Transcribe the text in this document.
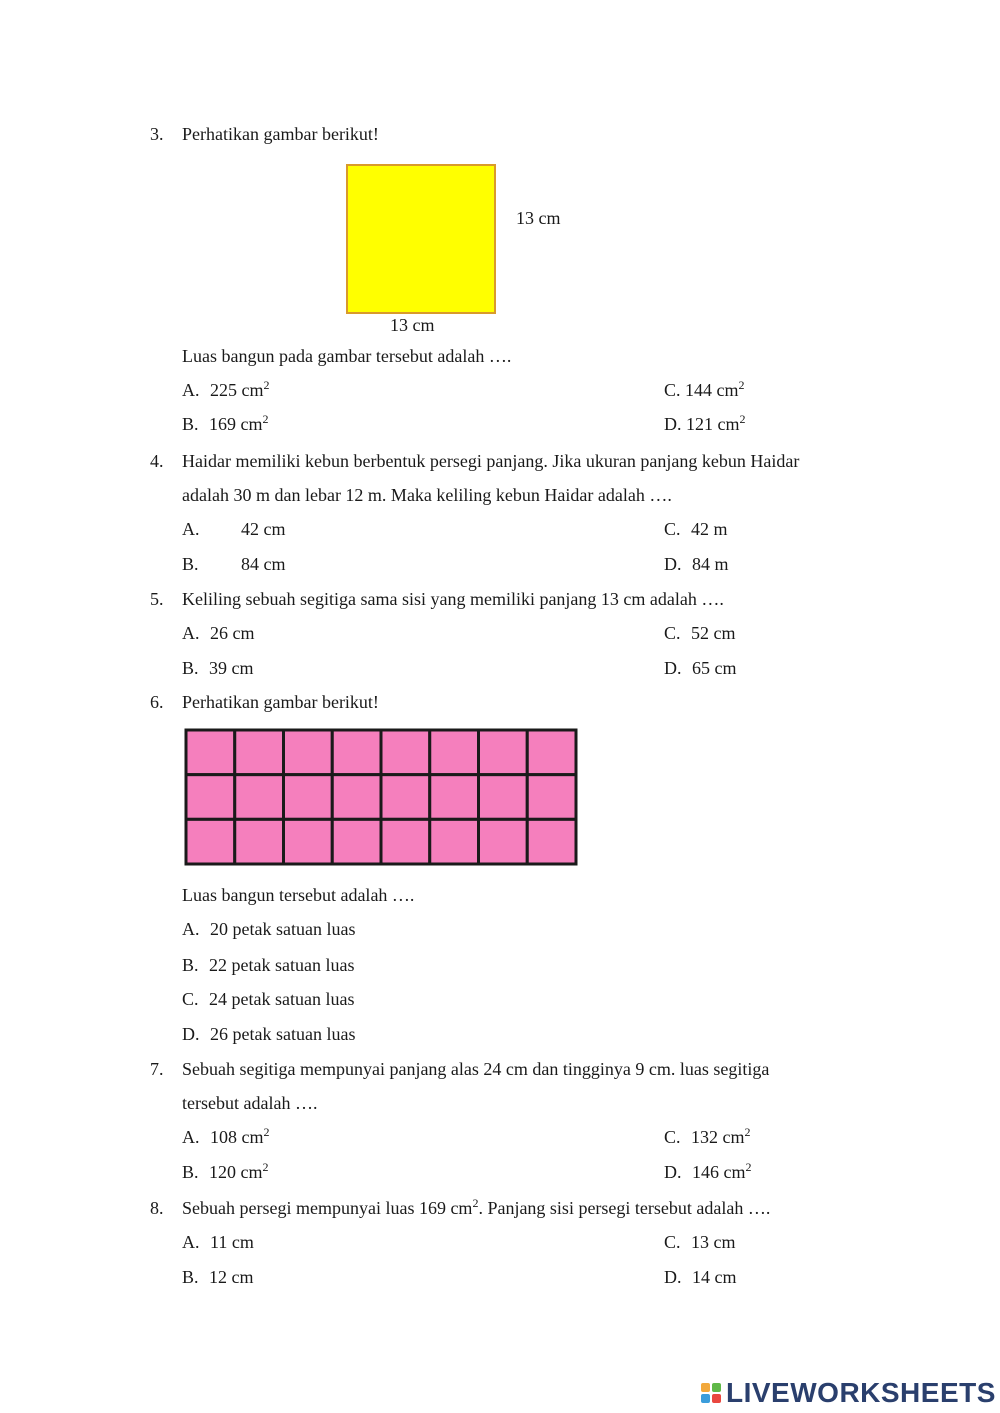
3. Perhatikan gambar berikut!
13 cm
13 cm
Luas bangun pada gambar tersebut adalah ….
A. 225 $cm^2$
B. 169 $cm^2$
C. 144 $cm^2$
D. 121 $cm^2$
4. Haidar memiliki kebun berbentuk persegi panjang. Jika ukuran panjang kebun Haidar
adalah 30 m dan lebar 12 m. Maka keliling kebun Haidar adalah ….
A. 42 cm
B. 84 cm
C. 42 m
D. 84 m
5. Keliling sebuah segitiga sama sisi yang memiliki panjang 13 cm adalah ….
A. 26 cm
B. 39 cm
C. 52 cm
D. 65 cm
6. Perhatikan gambar berikut!
Luas bangun tersebut adalah ….
A. 20 petak satuan luas
B. 22 petak satuan luas
C. 24 petak satuan luas
D. 26 petak satuan luas
7. Sebuah segitiga mempunyai panjang alas 24 cm dan tingginya 9 cm. luas segitiga
tersebut adalah ….
A. 108 $cm^2$
B. 120 $cm^2$
C. 132 $cm^2$
D. 146 $cm^2$
8. Sebuah persegi mempunyai luas 169 $cm^2$. Panjang sisi persegi tersebut adalah ….
A. 11 cm
B. 12 cm
C. 13 cm
D. 14 cm
LIVEWORKSHEETS
